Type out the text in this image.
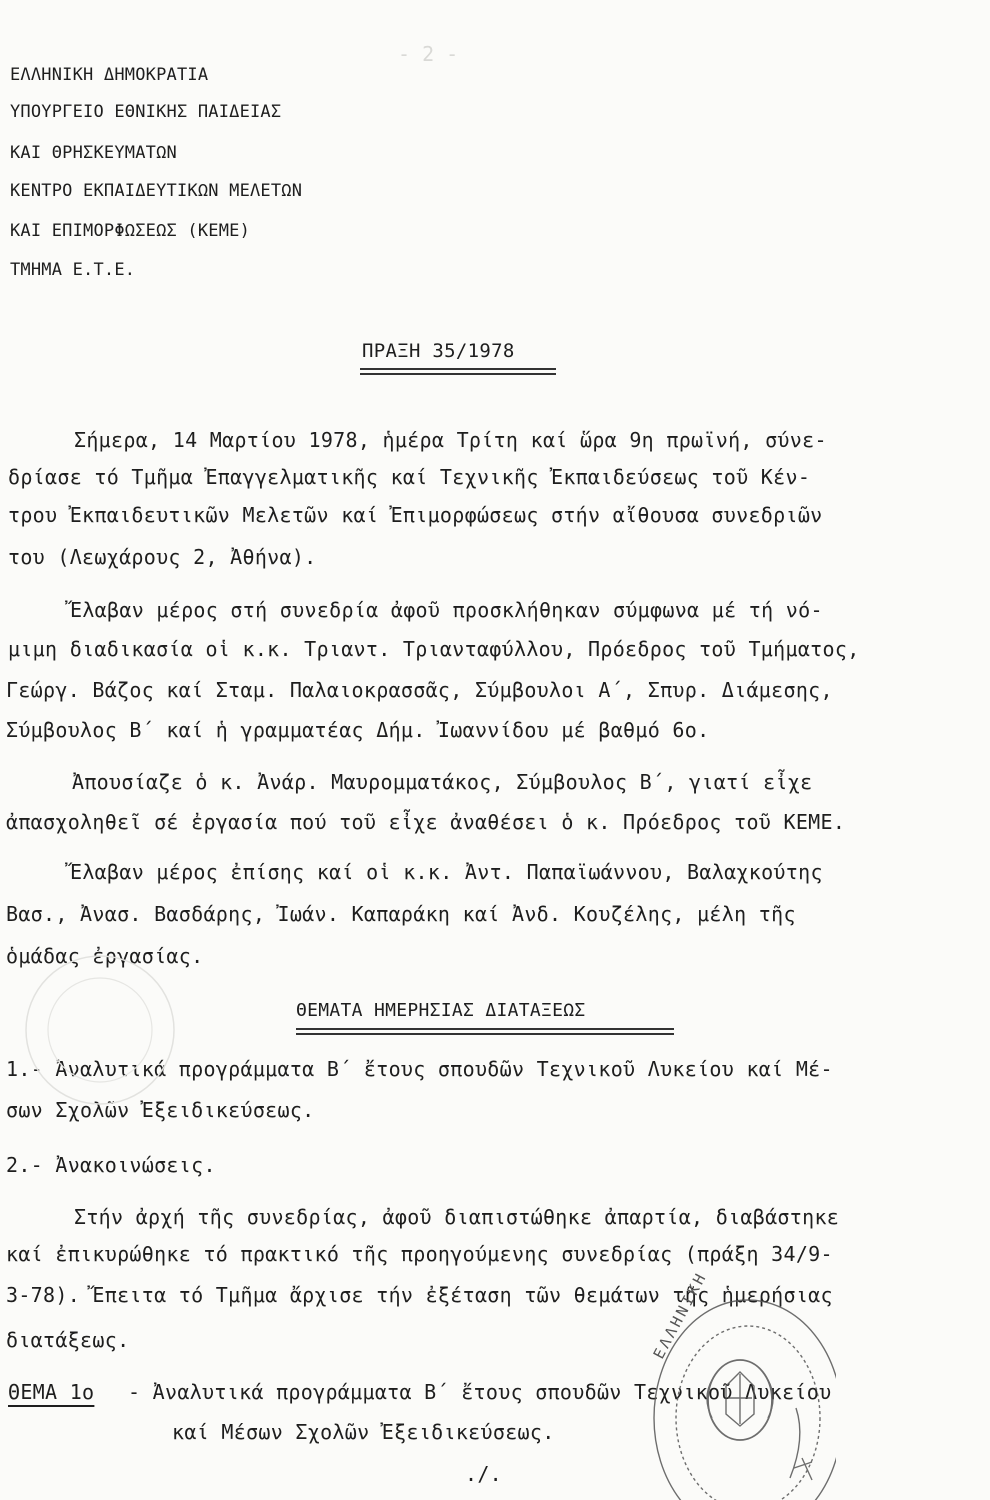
- 2 -
ΕΛΛΗΝΙΚΗ ΔΗΜΟΚΡΑΤΙΑ
ΥΠΟΥΡΓΕΙΟ ΕΘΝΙΚΗΣ ΠΑΙΔΕΙΑΣ
ΚΑΙ ΘΡΗΣΚΕΥΜΑΤΩΝ
ΚΕΝΤΡΟ ΕΚΠΑΙΔΕΥΤΙΚΩΝ ΜΕΛΕΤΩΝ
ΚΑΙ ΕΠΙΜΟΡΦΩΣΕΩΣ (ΚΕΜΕ)
ΤΜΗΜΑ Ε.Τ.Ε.
ΠΡΑΞΗ 35/1978
Σήμερα, 14 Μαρτίου 1978, ἡμέρα Τρίτη καί ὥρα 9η πρωϊνή, σύνε-
δρίασε τό Τμῆμα Ἐπαγγελματικῆς καί Τεχνικῆς Ἐκπαιδεύσεως τοῦ Κέν-
τρου Ἐκπαιδευτικῶν Μελετῶν καί Ἐπιμορφώσεως στήν αἴθουσα συνεδριῶν
του (Λεωχάρους 2, Ἀθήνα).
Ἔλαβαν μέρος στή συνεδρία ἀφοῦ προσκλήθηκαν σύμφωνα μέ τή νό-
μιμη διαδικασία οἱ κ.κ. Τριαντ. Τριανταφύλλου, Πρόεδρος τοῦ Τμήματος,
Γεώργ. Βάζος καί Σταμ. Παλαιοκρασσᾶς, Σύμβουλοι Α΄, Σπυρ. Διάμεσης,
Σύμβουλος Β΄ καί ἡ γραμματέας Δήμ. Ἰωαννίδου μέ βαθμό 6ο.
Ἀπουσίαζε ὁ κ. Ἀνάρ. Μαυρομματάκος, Σύμβουλος Β΄, γιατί εἶχε
ἀπασχοληθεῖ σέ ἐργασία πού τοῦ εἶχε ἀναθέσει ὁ κ. Πρόεδρος τοῦ ΚΕΜΕ.
Ἔλαβαν μέρος ἐπίσης καί οἱ κ.κ. Ἀντ. Παπαϊωάννου, Βαλαχκούτης
Βασ., Ἀνασ. Βασδάρης, Ἰωάν. Καπαράκη καί Ἀνδ. Κουζέλης, μέλη τῆς
ὁμάδας ἐργασίας.
ΘΕΜΑΤΑ ΗΜΕΡΗΣΙΑΣ ΔΙΑΤΑΞΕΩΣ
1.- Ἀναλυτικά προγράμματα Β΄ ἔτους σπουδῶν Τεχνικοῦ Λυκείου καί Μέ-
σων Σχολῶν Ἐξειδικεύσεως.
2.- Ἀνακοινώσεις.
Στήν ἀρχή τῆς συνεδρίας, ἀφοῦ διαπιστώθηκε ἀπαρτία, διαβάστηκε
καί ἐπικυρώθηκε τό πρακτικό τῆς προηγούμενης συνεδρίας (πράξη 34/9-
3-78). Ἔπειτα τό Τμῆμα ἄρχισε τήν ἐξέταση τῶν θεμάτων τῆς ἡμερήσιας
διατάξεως.
ΘΕΜΑ 1ο - Ἀναλυτικά προγράμματα Β΄ ἔτους σπουδῶν Τεχνικοῦ Λυκείου
καί Μέσων Σχολῶν Ἐξειδικεύσεως.
./.
ΕΛΛΗΝΙΚΗ
